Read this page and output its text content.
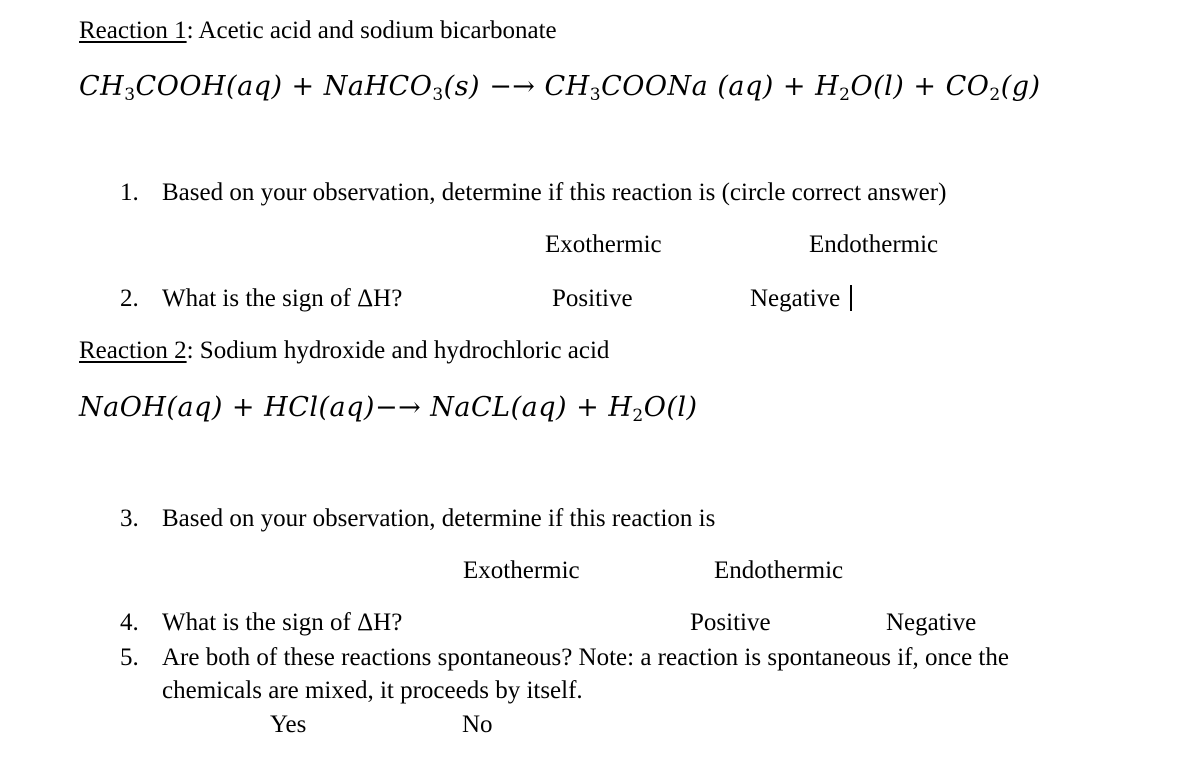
Reaction 1: Acetic acid and sodium bicarbonate
$CH_3COOH(aq)$ + NaHCO$_3$(s) −→ $CH_3COONa$ $(aq) + H_2O(l) + CO_2(g)$
1. Based on your observation, determine if this reaction is (circle correct answer)
Exothermic	Endothermic
2. What is the sign of ΔH?	Positive	Negative
Reaction 2: Sodium hydroxide and hydrochloric acid
NaOH(aq) + HCl(aq)−→ NaCL(aq) + $H_2O(l)$
3. Based on your observation, determine if this reaction is
Exothermic	Endothermic
4. What is the sign of ΔH?	Positive	Negative
5. Are both of these reactions spontaneous? Note: a reaction is spontaneous if, once the
chemicals are mixed, it proceeds by itself.
Yes	No
